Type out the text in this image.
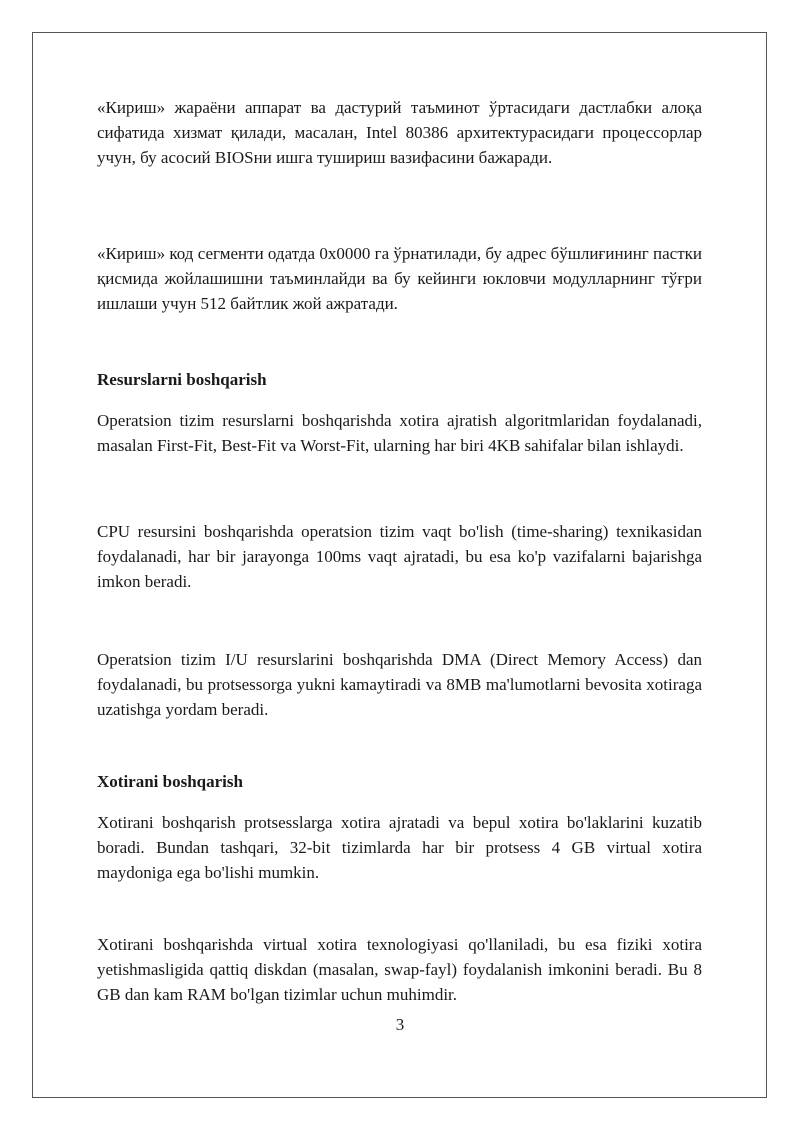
«Кириш» жараёни аппарат ва дастурий таъминот ўртасидаги дастлабки алоқа сифатида хизмат қилади, масалан, Intel 80386 архитектурасидаги процессорлар учун, бу асосий BIOSни ишга тушириш вазифасини бажаради.

«Кириш» код сегменти одатда 0x0000 га ўрнатилади, бу адрес бўшлиғининг пастки қисмида жойлашишни таъминлайди ва бу кейинги юкловчи модулларнинг тўғри ишлаши учун 512 байтлик жой ажратади.

Resurslarni boshqarish

Operatsion tizim resurslarni boshqarishda xotira ajratish algoritmlaridan foydalanadi, masalan First-Fit, Best-Fit va Worst-Fit, ularning har biri 4KB sahifalar bilan ishlaydi.

CPU resursini boshqarishda operatsion tizim vaqt bo'lish (time-sharing) texnikasidan foydalanadi, har bir jarayonga 100ms vaqt ajratadi, bu esa ko'p vazifalarni bajarishga imkon beradi.

Operatsion tizim I/U resurslarini boshqarishda DMA (Direct Memory Access) dan foydalanadi, bu protsessorga yukni kamaytiradi va 8MB ma'lumotlarni bevosita xotiraga uzatishga yordam beradi.

Xotirani boshqarish

Xotirani boshqarish protsesslarga xotira ajratadi va bepul xotira bo'laklarini kuzatib boradi. Bundan tashqari, 32-bit tizimlarda har bir protsess 4 GB virtual xotira maydoniga ega bo'lishi mumkin.

Xotirani boshqarishda virtual xotira texnologiyasi qo'llaniladi, bu esa fiziki xotira yetishmasligida qattiq diskdan (masalan, swap-fayl) foydalanish imkonini beradi. Bu 8 GB dan kam RAM bo'lgan tizimlar uchun muhimdir.

3
